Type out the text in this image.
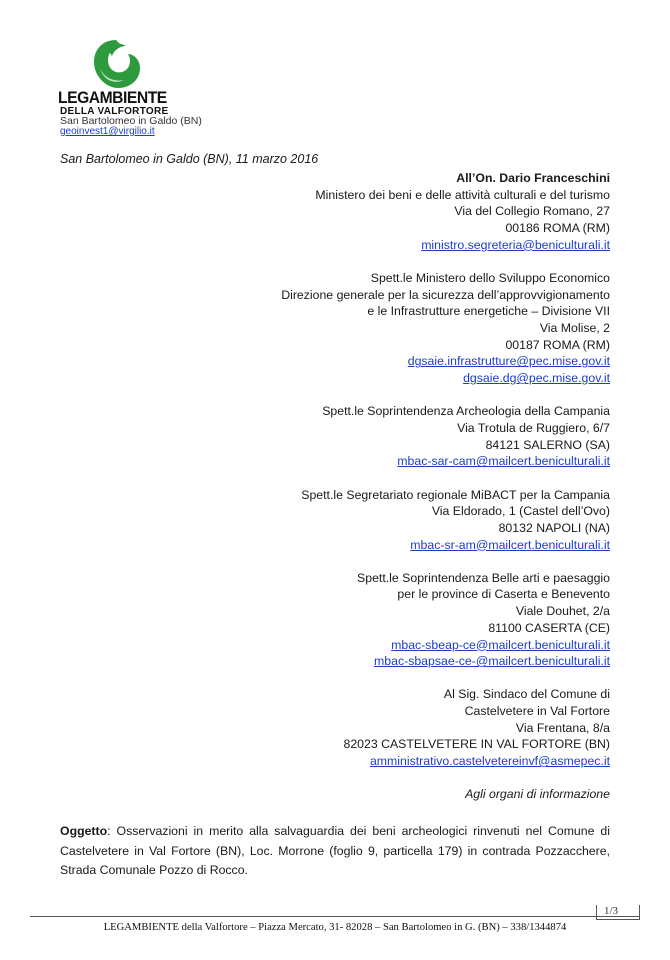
LEGAMBIENTE
DELLA VALFORTORE
San Bartolomeo in Galdo (BN)
geoinvest1@virgilio.it
San Bartolomeo in Galdo (BN), 11 marzo 2016
All’On. Dario Franceschini
Ministero dei beni e delle attività culturali e del turismo
Via del Collegio Romano, 27
00186 ROMA (RM)
ministro.segreteria@beniculturali.it
Spett.le Ministero dello Sviluppo Economico
Direzione generale per la sicurezza dell’approvvigionamento
e le Infrastrutture energetiche – Divisione VII
Via Molise, 2
00187 ROMA (RM)
dgsaie.infrastrutture@pec.mise.gov.it
dgsaie.dg@pec.mise.gov.it
Spett.le Soprintendenza Archeologia della Campania
Via Trotula de Ruggiero, 6/7
84121 SALERNO (SA)
mbac-sar-cam@mailcert.beniculturali.it
Spett.le Segretariato regionale MiBACT per la Campania
Via Eldorado, 1 (Castel dell’Ovo)
80132 NAPOLI (NA)
mbac-sr-am@mailcert.beniculturali.it
Spett.le Soprintendenza Belle arti e paesaggio
per le province di Caserta e Benevento
Viale Douhet, 2/a
81100 CASERTA (CE)
mbac-sbeap-ce@mailcert.beniculturali.it
mbac-sbapsae-ce-@mailcert.beniculturali.it
Al Sig. Sindaco del Comune di
Castelvetere in Val Fortore
Via Frentana, 8/a
82023 CASTELVETERE IN VAL FORTORE (BN)
amministrativo.castelvetereinvf@asmepec.it
Agli organi di informazione
Oggetto: Osservazioni in merito alla salvaguardia dei beni archeologici rinvenuti nel Comune di Castelvetere in Val Fortore (BN), Loc. Morrone (foglio 9, particella 179) in contrada Pozzacchere, Strada Comunale Pozzo di Rocco.
1/3
LEGAMBIENTE della Valfortore – Piazza Mercato, 31- 82028 – San Bartolomeo in G. (BN) – 338/1344874
